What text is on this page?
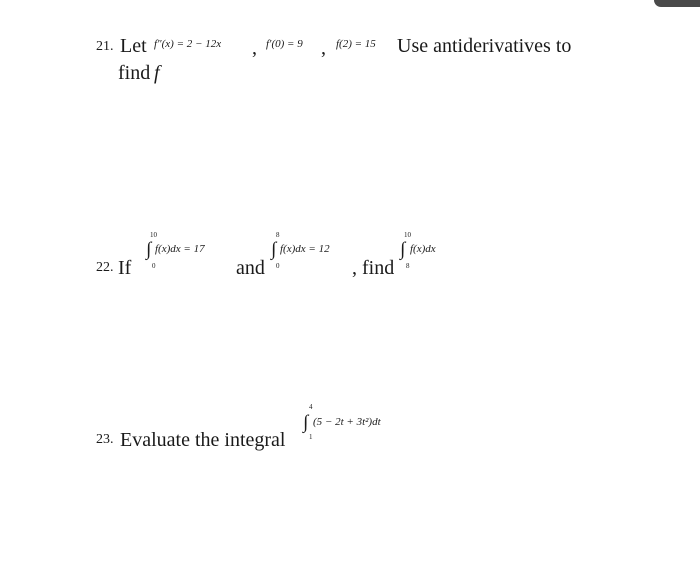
21. Let f″(x) = 2 − 12x , f′(0) = 9 , f(2) = 15 Use antiderivatives to
find f
22. If
10
∫ f(x)dx = 17
0	and
8
∫ f(x)dx = 12
0	, find
10
∫ f(x)dx
8
23. Evaluate the integral
4
∫ (5 − 2t + 3t²)dt
1
